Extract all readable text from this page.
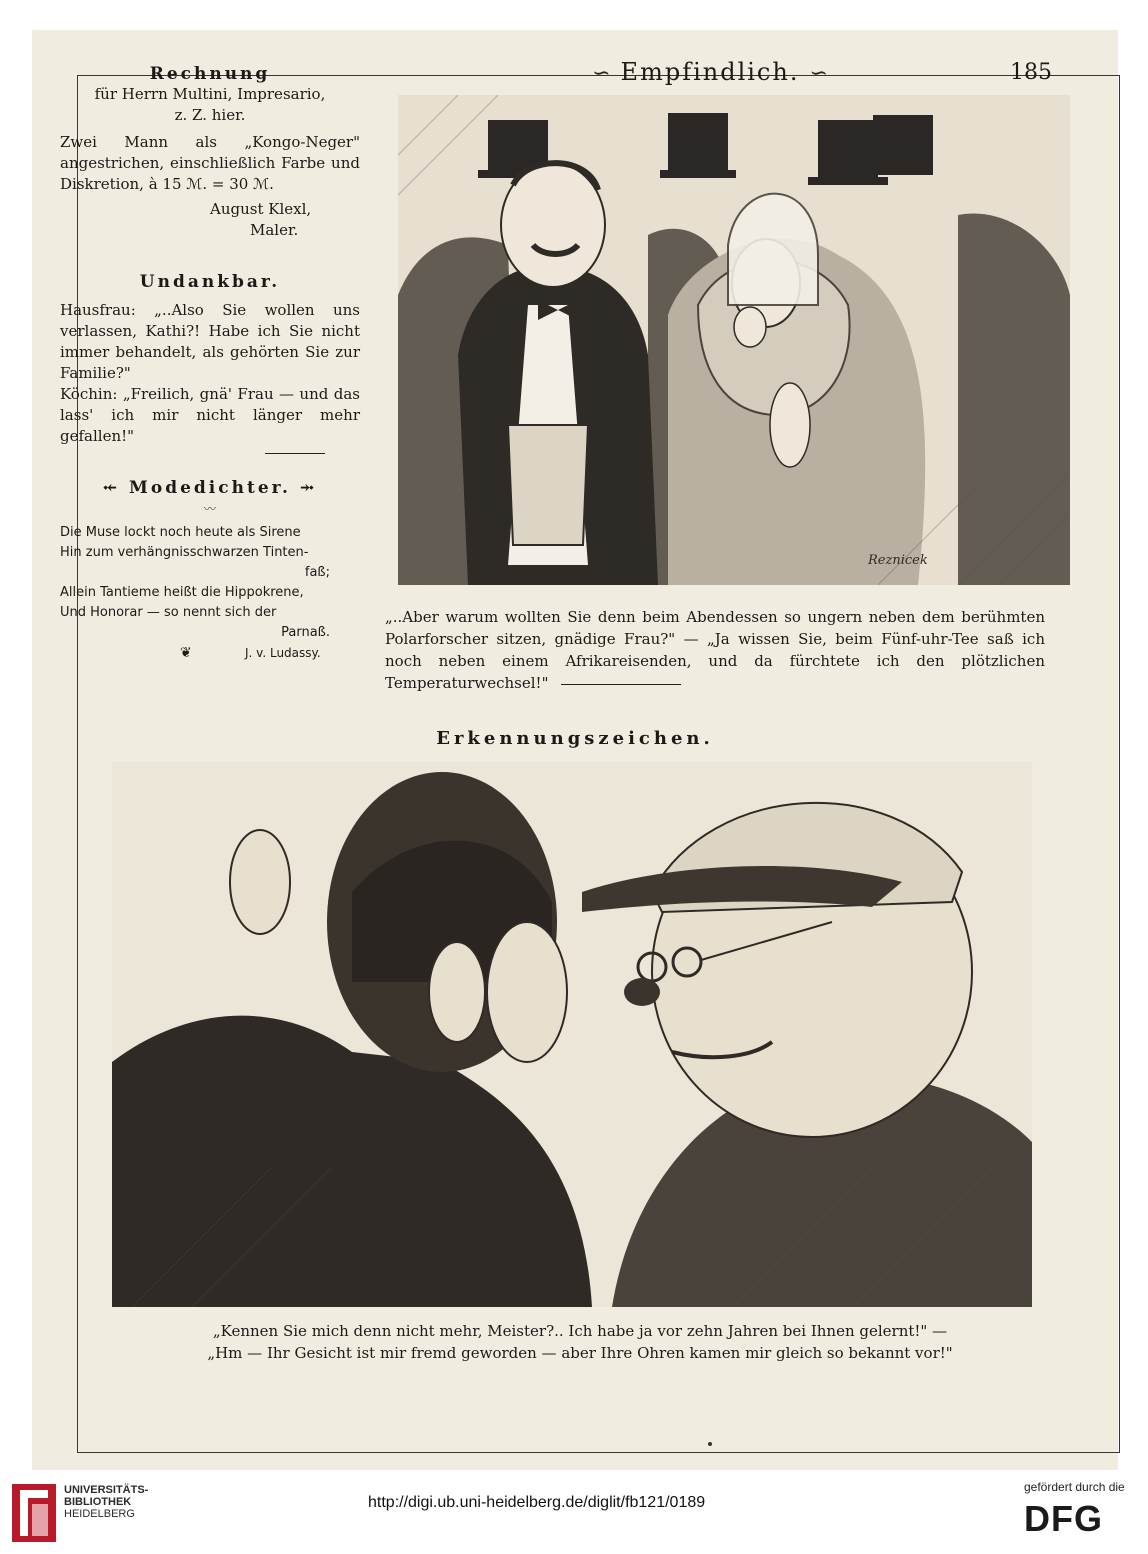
∽ Empfindlich. ∽	185
Rechnung
für Herrn Multini, Impresario,
z. Z. hier.
Zwei Mann als „Kongo-Neger" angestrichen, einschließlich Farbe und Diskretion, à 15 ℳ. = 30 ℳ.
August Klexl,
Maler.
Undankbar.
Hausfrau: „..Also Sie wollen uns verlassen, Kathi?! Habe ich Sie nicht immer behandelt, als gehörten Sie zur Familie?"
Köchin: „Freilich, gnä' Frau — und das lass' ich mir nicht länger mehr gefallen!"
⤝ Modedichter. ⤞
〰
Die Muse lockt noch heute als Sirene
Hin zum verhängnisschwarzen Tinten-
faß;
Allein Tantieme heißt die Hippokrene,
Und Honorar — so nennt sich der
Parnaß.
❦	J. v. Ludassy.
Reznicek
„..Aber warum wollten Sie denn beim Abendessen so ungern neben dem berühmten Polarforscher sitzen, gnädige Frau?" — „Ja wissen Sie, beim Fünf-uhr-Tee saß ich noch neben einem Afrikareisenden, und da fürchtete ich den plötzlichen Temperaturwechsel!"
Erkennungszeichen.
Klexl
„Kennen Sie mich denn nicht mehr, Meister?.. Ich habe ja vor zehn Jahren bei Ihnen gelernt!" —
„Hm — Ihr Gesicht ist mir fremd geworden — aber Ihre Ohren kamen mir gleich so bekannt vor!"
UNIVERSITÄTS-
BIBLIOTHEK
HEIDELBERG
http://digi.ub.uni-heidelberg.de/diglit/fb121/0189
gefördert durch die
DFG
